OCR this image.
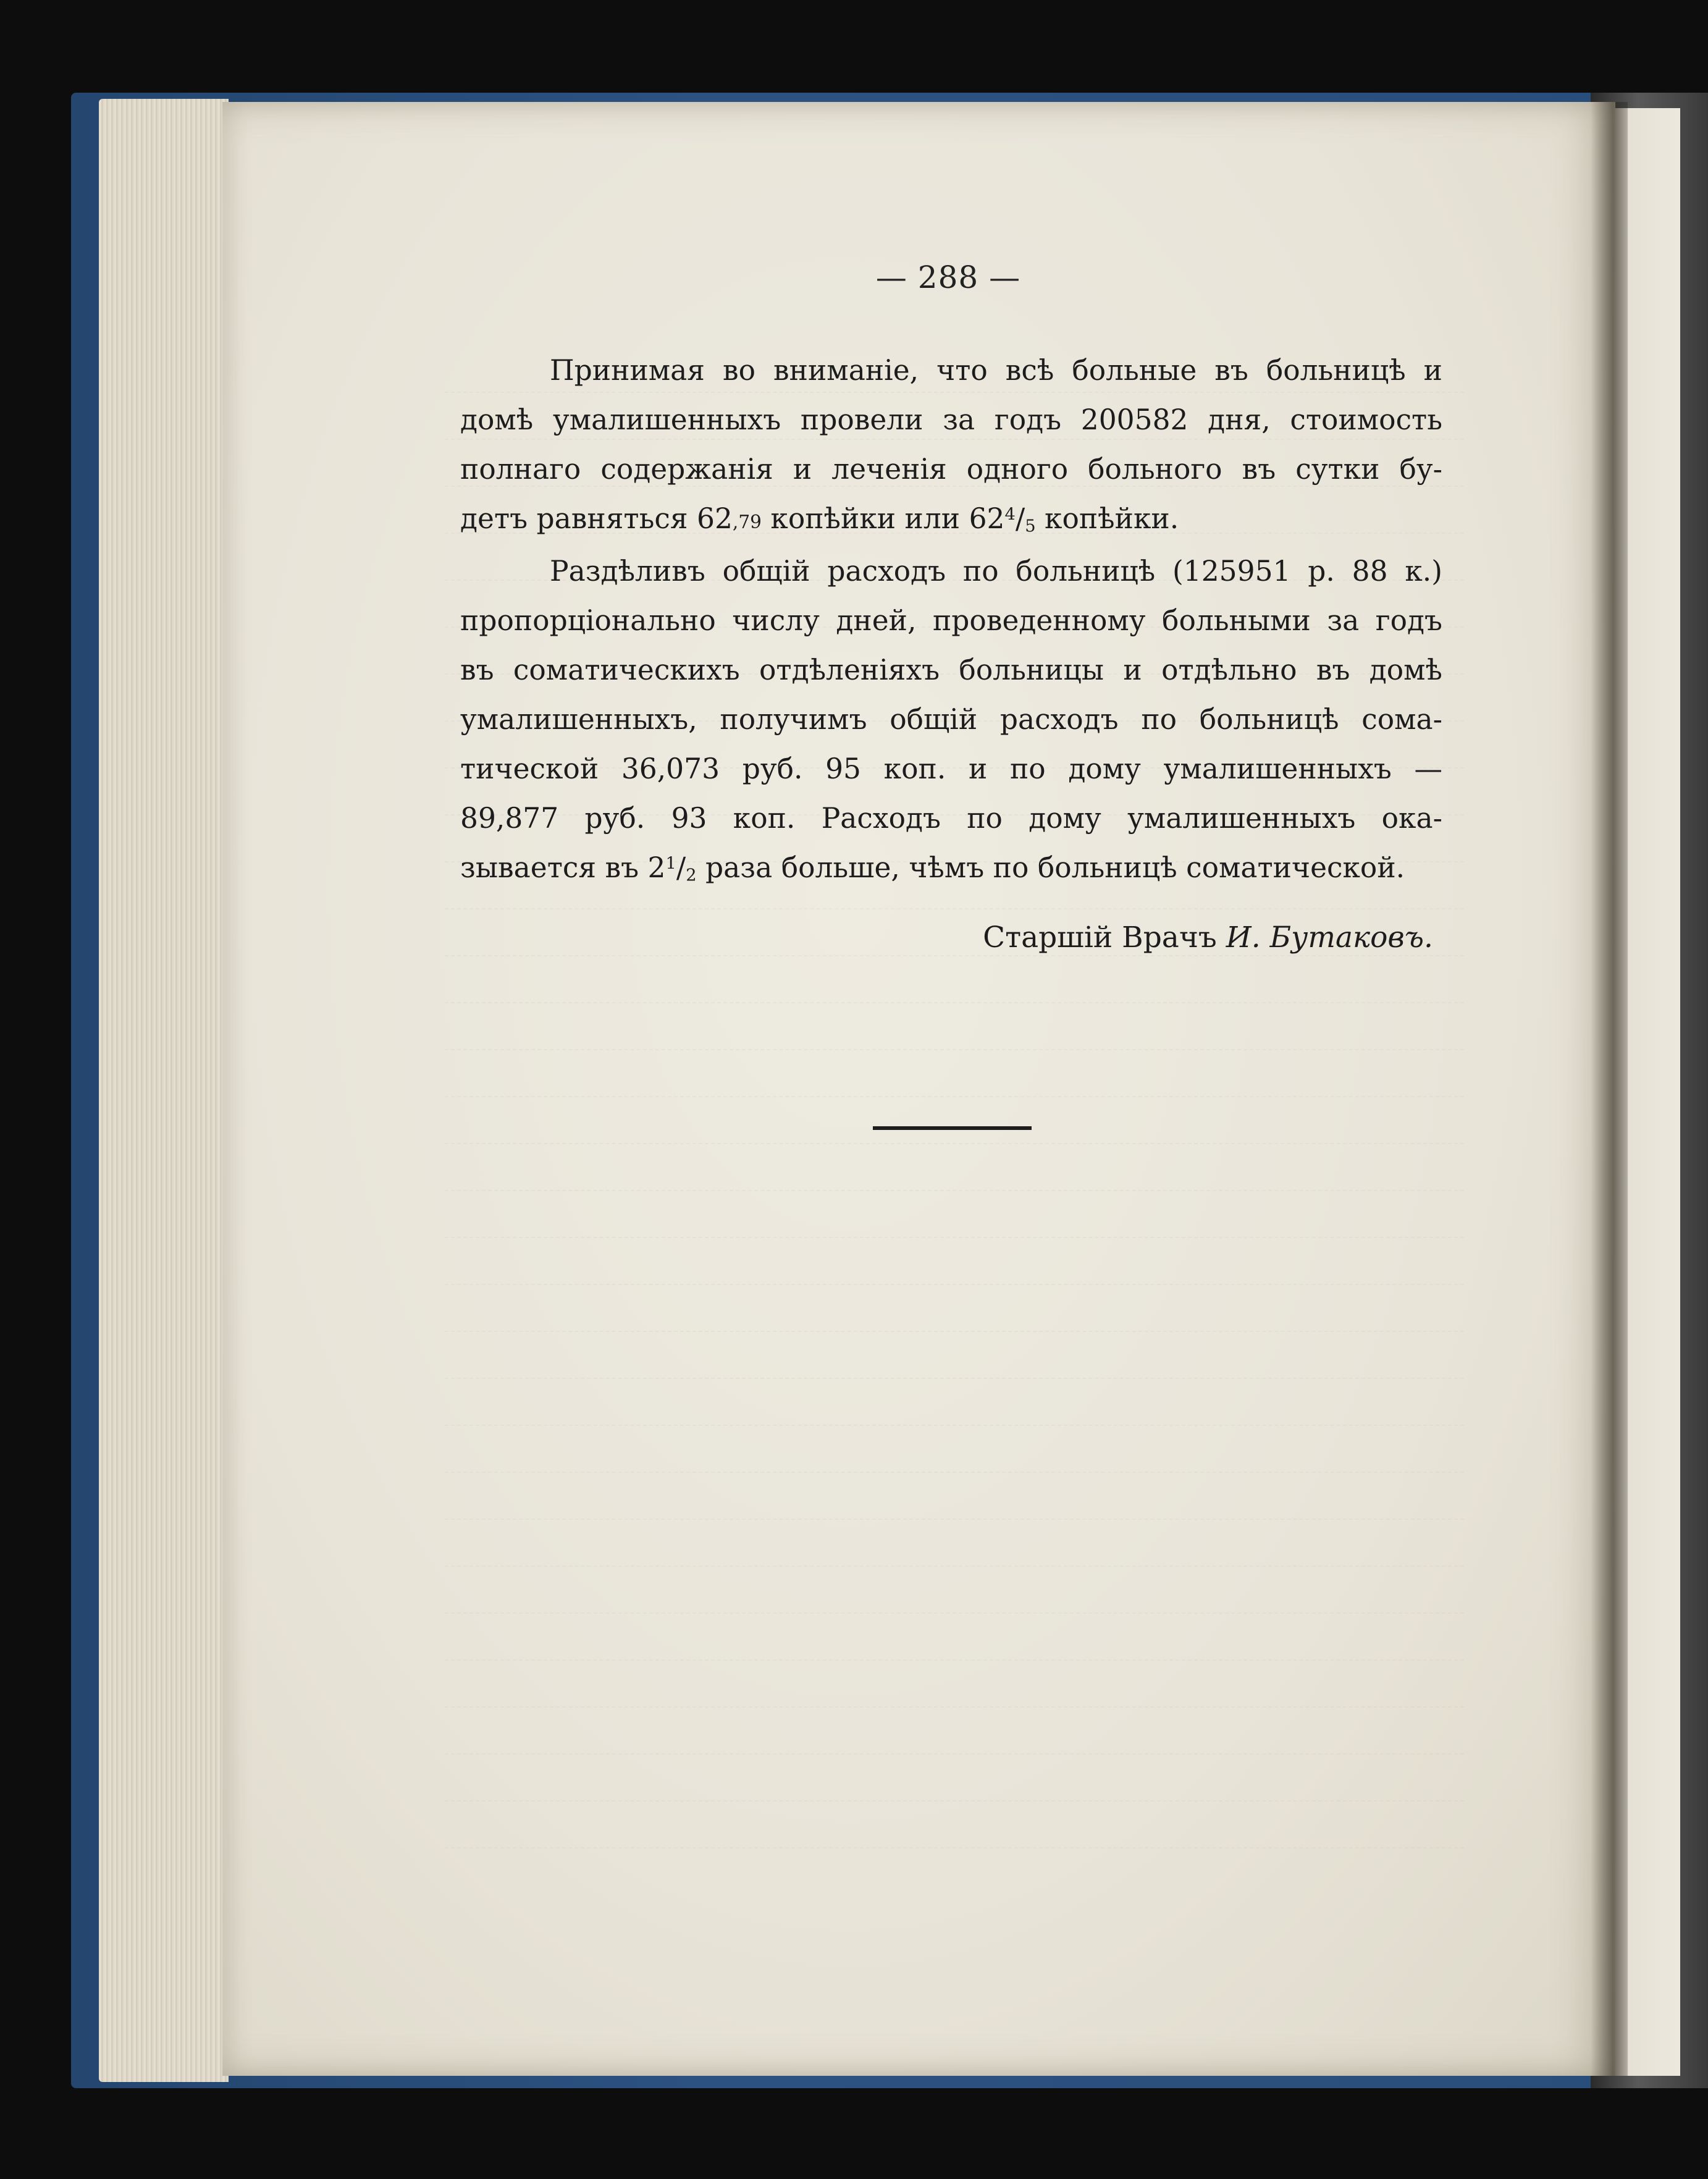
— 288 —

Принимая во вниманіе, что всѣ больные въ больницѣ и
домѣ умалишенныхъ провели за годъ 200582 дня, стоимость
полнаго содержанія и леченія одного больного въ сутки бу-
детъ равняться 62,79 копѣйки или $62^4/_5$ копѣйки.

Раздѣливъ общій расходъ по больницѣ (125951 р. 88 к.)
пропорціонально числу дней, проведенному больными за годъ
въ соматическихъ отдѣленіяхъ больницы и отдѣльно въ домѣ
умалишенныхъ, получимъ общій расходъ по больницѣ сома-
тической 36,073 руб. 95 коп. и по дому умалишенныхъ —
89,877 руб. 93 коп. Расходъ по дому умалишенныхъ ока-
зывается въ $2^1/_2$ раза больше, чѣмъ по больницѣ соматической.

Старшій Врачъ И. Бутаковъ.
